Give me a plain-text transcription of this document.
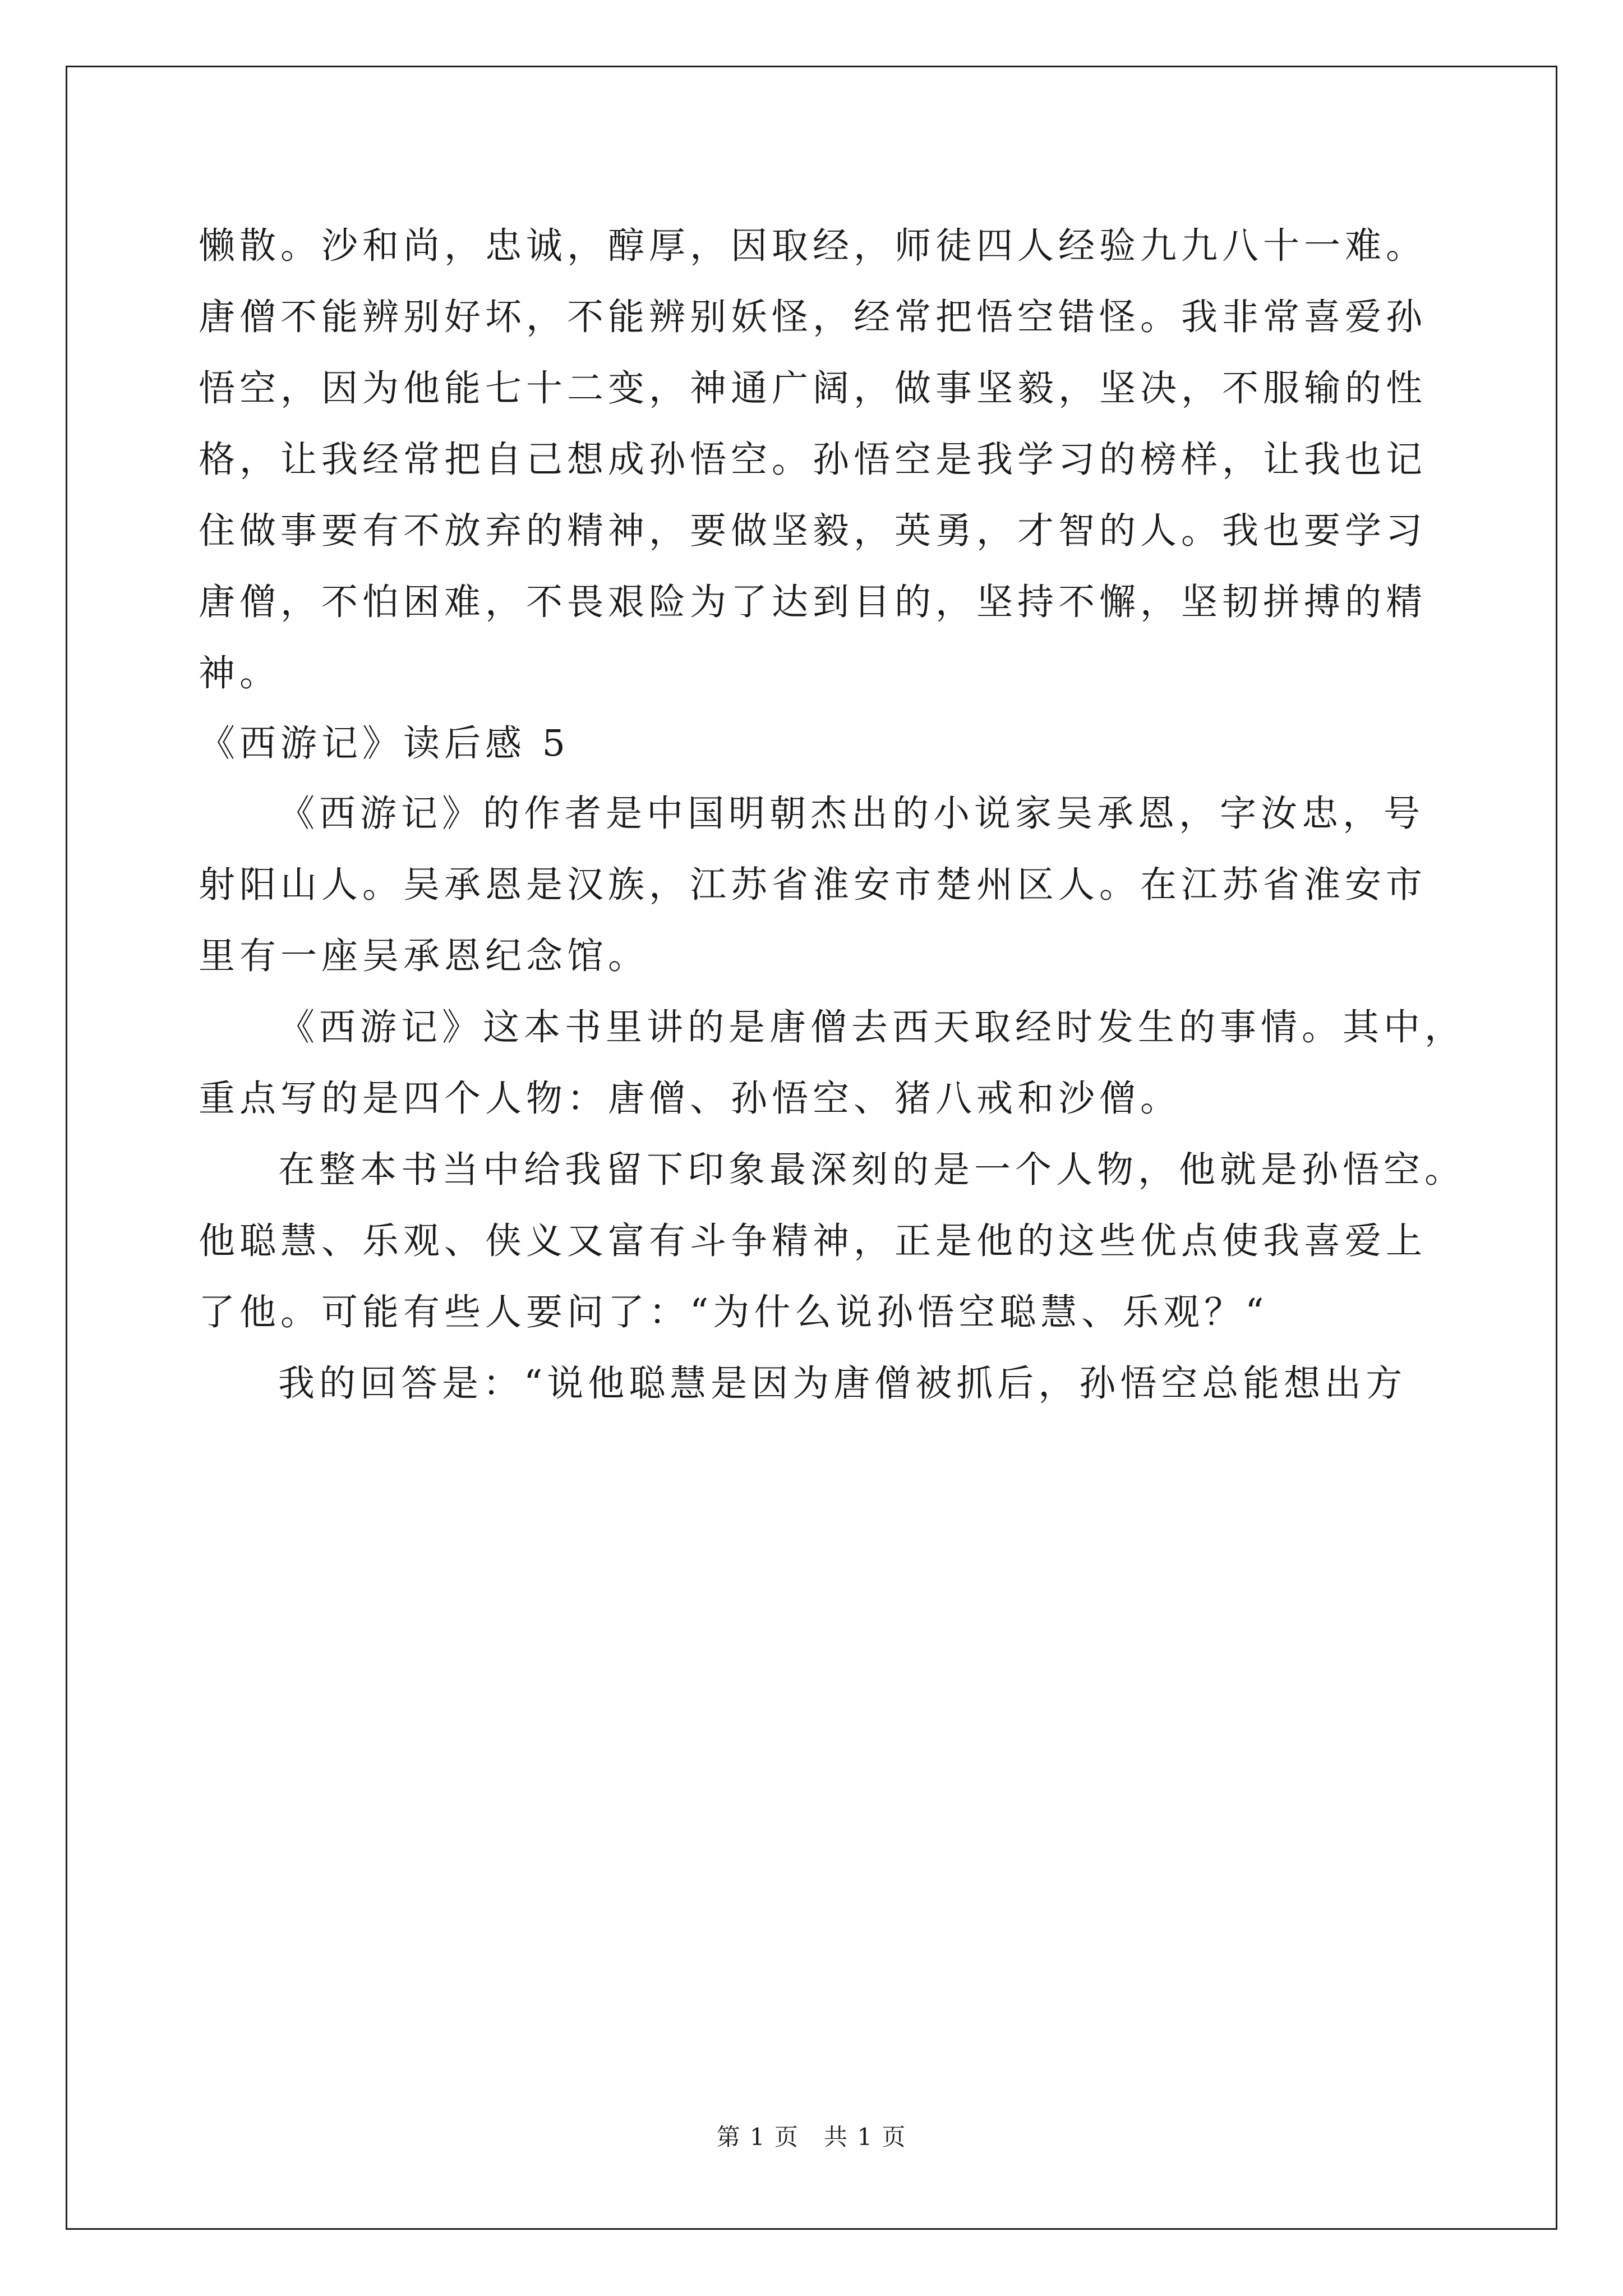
懒散。沙和尚，忠诚，醇厚，因取经，师徒四人经验九九八十一难。
唐僧不能辨别好坏，不能辨别妖怪，经常把悟空错怪。我非常喜爱孙
悟空，因为他能七十二变，神通广阔，做事坚毅，坚决，不服输的性
格，让我经常把自己想成孙悟空。孙悟空是我学习的榜样，让我也记
住做事要有不放弃的精神，要做坚毅，英勇，才智的人。我也要学习
唐僧，不怕困难，不畏艰险为了达到目的，坚持不懈，坚韧拼搏的精
神。
《西游记》读后感 5
《西游记》的作者是中国明朝杰出的小说家吴承恩，字汝忠，号
射阳山人。吴承恩是汉族，江苏省淮安市楚州区人。在江苏省淮安市
里有一座吴承恩纪念馆。
《西游记》这本书里讲的是唐僧去西天取经时发生的事情。其中，
重点写的是四个人物：唐僧、孙悟空、猪八戒和沙僧。
在整本书当中给我留下印象最深刻的是一个人物，他就是孙悟空。
他聪慧、乐观、侠义又富有斗争精神，正是他的这些优点使我喜爱上
了他。可能有些人要问了：“为什么说孙悟空聪慧、乐观？“
我的回答是：“说他聪慧是因为唐僧被抓后，孙悟空总能想出方
第 1 页　共 1 页
